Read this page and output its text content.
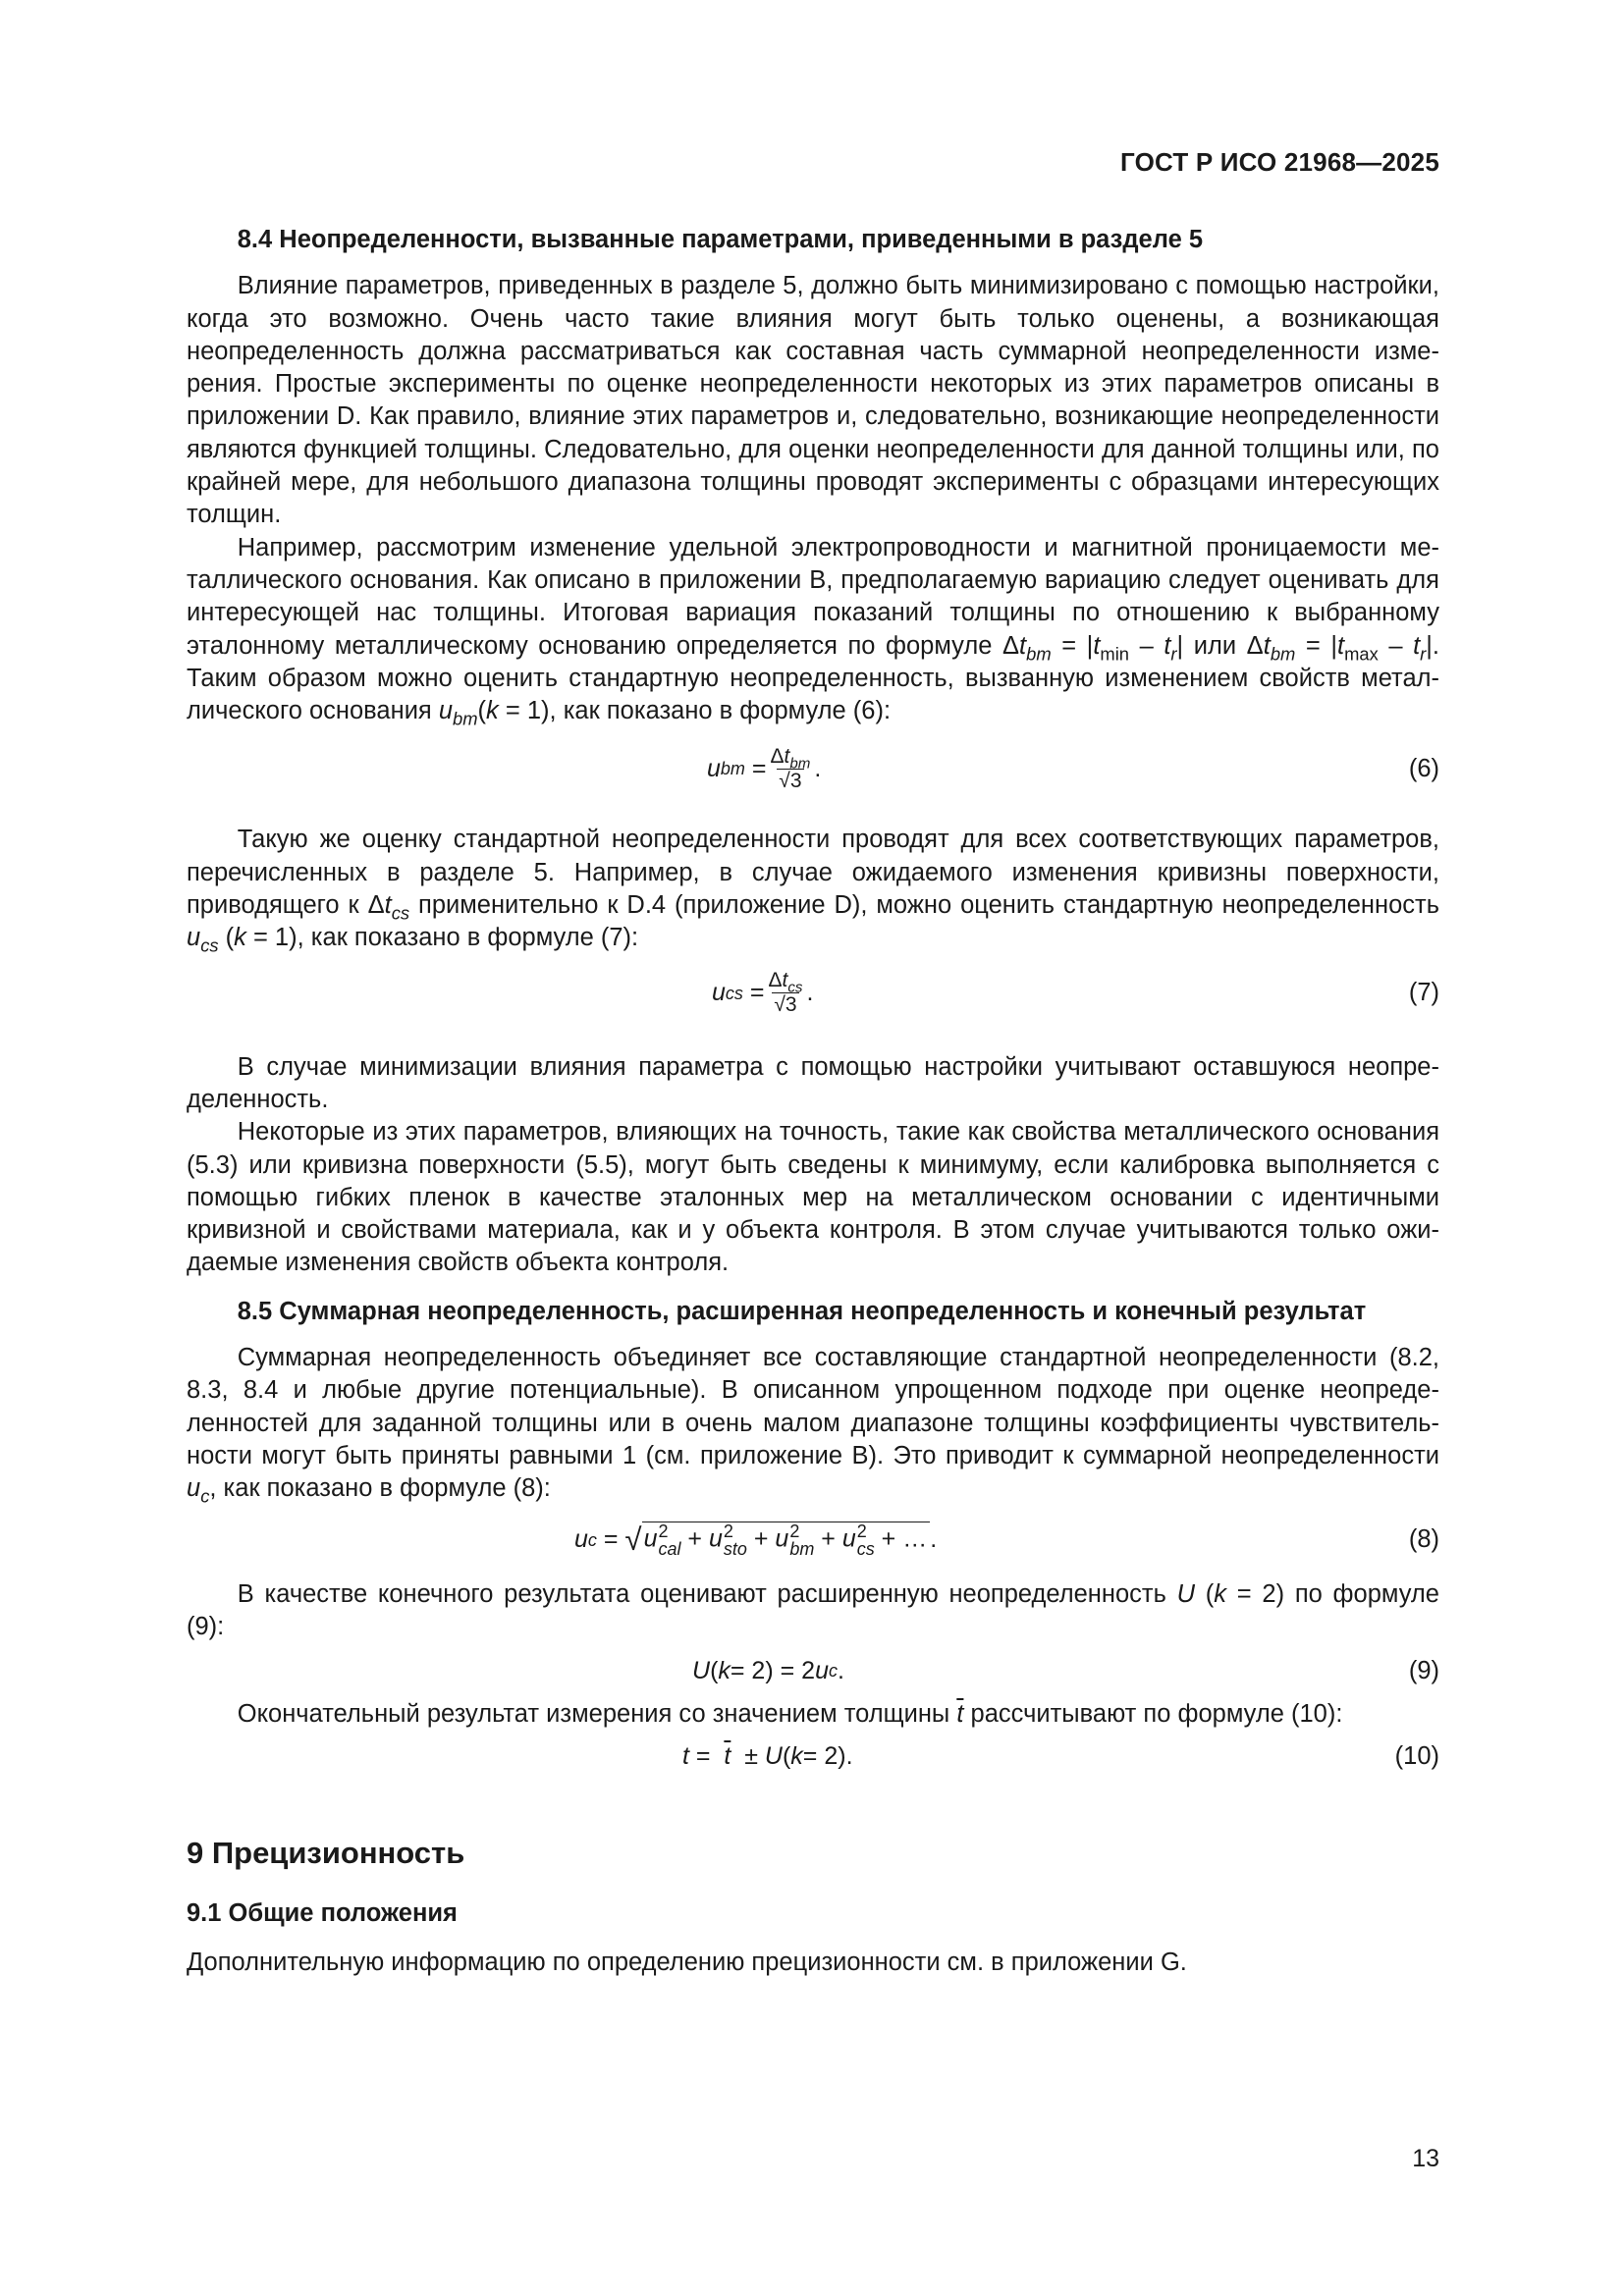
ГОСТ Р ИСО 21968—2025
8.4 Неопределенности, вызванные параметрами, приведенными в разделе 5

Влияние параметров, приведенных в разделе 5, должно быть минимизировано с помощью настройки, когда это возможно. Очень часто такие влияния могут быть только оценены, а возникающая неопределенность должна рассматриваться как составная часть суммарной неопределенности измерения. Простые эксперименты по оценке неопределенности некоторых из этих параметров описаны в приложении D. Как правило, влияние этих параметров и, следовательно, возникающие неопределенности являются функцией толщины. Следовательно, для оценки неопределенности для данной толщины или, по крайней мере, для небольшого диапазона толщины проводят эксперименты с образцами интересующих толщин.

Например, рассмотрим изменение удельной электропроводности и магнитной проницаемости металлического основания. Как описано в приложении B, предполагаемую вариацию следует оценивать для интересующей нас толщины. Итоговая вариация показаний толщины по отношению к выбранному эталонному металлическому основанию определяется по формуле $\Delta t_{bm} = |t_{min} - t_r|$ или $\Delta t_{bm} = |t_{max} - t_r|$. Таким образом можно оценить стандартную неопределенность, вызванную изменением свойств металлического основания $u_{bm}(k = 1)$, как показано в формуле (6):

u bm = $\frac{\Delta t_{bm}}{√3}$ .	(6)

Такую же оценку стандартной неопределенности проводят для всех соответствующих параметров, перечисленных в разделе 5. Например, в случае ожидаемого изменения кривизны поверхности, приводящего к $\Delta t_{cs}$ применительно к D.4 (приложение D), можно оценить стандартную неопределенность $u_{cs}$ (k = 1), как показано в формуле (7):

u cs = $\frac{\Delta t_{cs}}{√3}$ .	(7)

В случае минимизации влияния параметра с помощью настройки учитывают оставшуюся неопределенность.

Некоторые из этих параметров, влияющих на точность, такие как свойства металлического основания (5.3) или кривизна поверхности (5.5), могут быть сведены к минимуму, если калибровка выполняется с помощью гибких пленок в качестве эталонных мер на металлическом основании с идентичными кривизной и свойствами материала, как и у объекта контроля. В этом случае учитываются только ожидаемые изменения свойств объекта контроля.

8.5 Суммарная неопределенность, расширенная неопределенность и конечный результат

Суммарная неопределенность объединяет все составляющие стандартной неопределенности (8.2, 8.3, 8.4 и любые другие потенциальные). В описанном упрощенном подходе при оценке неопределенностей для заданной толщины или в очень малом диапазоне толщины коэффициенты чувствительности могут быть приняты равными 1 (см. приложение B). Это приводит к суммарной неопределенности $u_c$, как показано в формуле (8):

u c = √ u 2
cal + u 2
sto + u 2
bm + u 2
cs + … .	(8)

В качестве конечного результата оценивают расширенную неопределенность U (k = 2) по формуле (9):

U ( k = 2) = 2 u c .	(9)

Окончательный результат измерения со значением толщины $\overline{t}$ рассчитывают по формуле (10):

$t = \overline{t} \pm U$ ( k = 2).	(10)
9 Прецизионность
9.1 Общие положения

Дополнительную информацию по определению прецизионности см. в приложении G.

13
